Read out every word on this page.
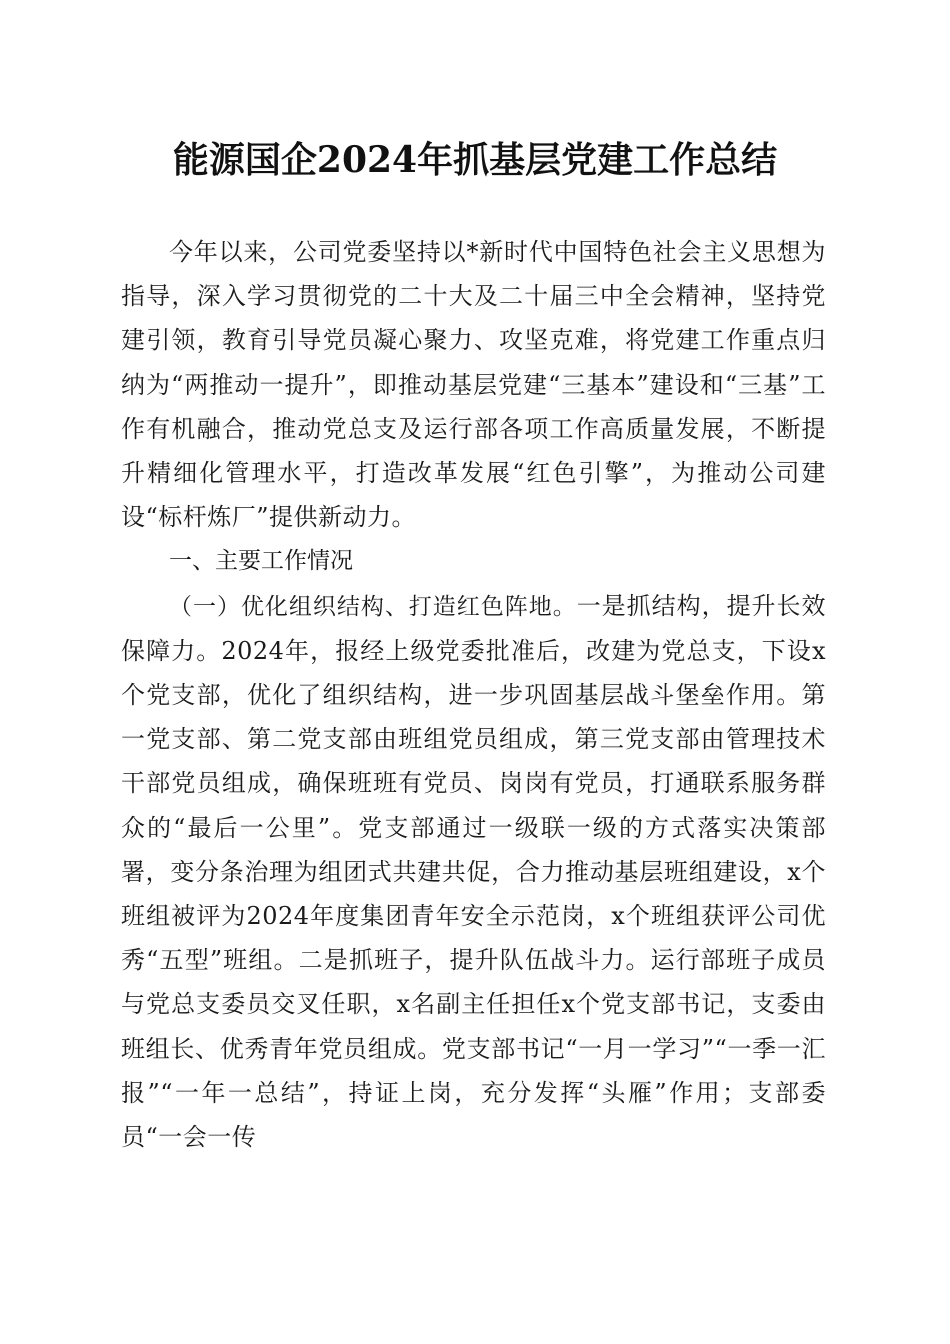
能源国企2024年抓基层党建工作总结

今年以来，公司党委坚持以*新时代中国特色社会主义思想为指导，深入学习贯彻党的二十大及二十届三中全会精神，坚持党建引领，教育引导党员凝心聚力、攻坚克难，将党建工作重点归纳为“两推动一提升”，即推动基层党建“三基本”建设和“三基”工作有机融合，推动党总支及运行部各项工作高质量发展，不断提升精细化管理水平，打造改革发展“红色引擎”，为推动公司建设“标杆炼厂”提供新动力。

一、主要工作情况

（一）优化组织结构、打造红色阵地。一是抓结构，提升长效保障力。2024年，报经上级党委批准后，改建为党总支，下设x个党支部，优化了组织结构，进一步巩固基层战斗堡垒作用。第一党支部、第二党支部由班组党员组成，第三党支部由管理技术干部党员组成，确保班班有党员、岗岗有党员，打通联系服务群众的“最后一公里”。党支部通过一级联一级的方式落实决策部署，变分条治理为组团式共建共促，合力推动基层班组建设，x个班组被评为2024年度集团青年安全示范岗，x个班组获评公司优秀“五型”班组。二是抓班子，提升队伍战斗力。运行部班子成员与党总支委员交叉任职，x名副主任担任x个党支部书记，支委由班组长、优秀青年党员组成。党支部书记“一月一学习”“一季一汇报”“一年一总结”，持证上岗，充分发挥“头雁”作用；支部委员“一会一传
